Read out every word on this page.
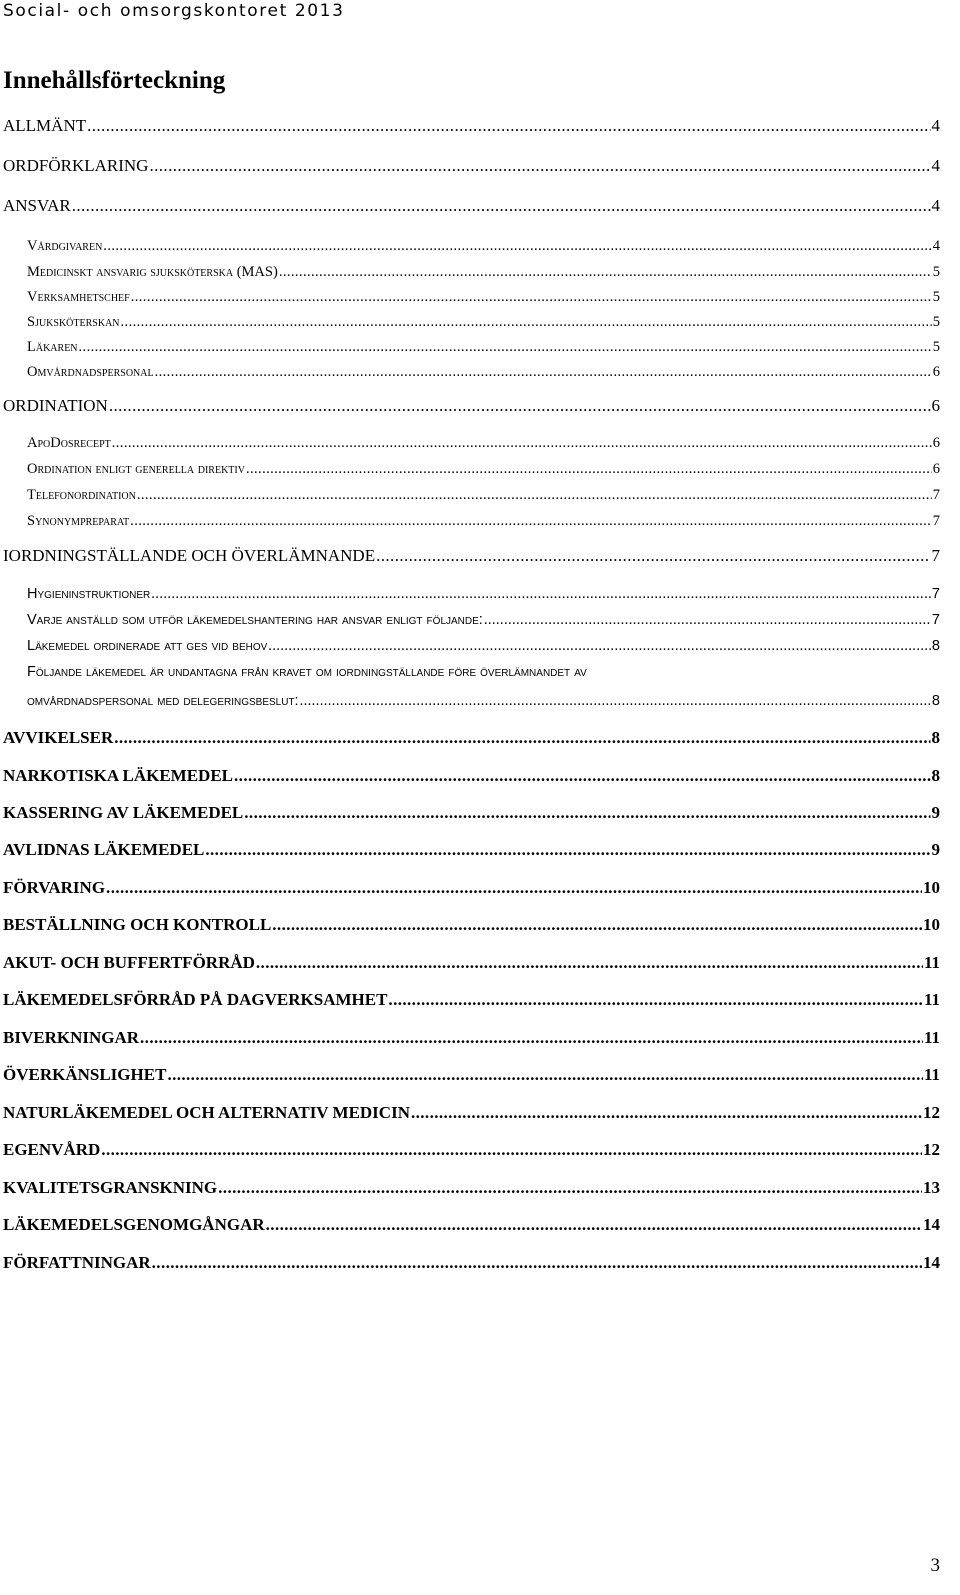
Social- och omsorgskontoret 2013
Innehållsförteckning
ALLMÄNT .....	4
ORDFÖRKLARING .....	4
ANSVAR .....	4
Vårdgivaren .....	4
Medicinskt ansvarig sjuksköterska (MAS) .....	5
Verksamhetschef .....	5
Sjuksköterskan .....	5
Läkaren .....	5
Omvårdnadspersonal .....	6
ORDINATION .....	6
ApoDosrecept .....	6
Ordination enligt generella direktiv .....	6
Telefonordination .....	7
Synonympreparat .....	7
IORDNINGSTÄLLANDE OCH ÖVERLÄMNANDE .....	7
Hygieninstruktioner .....	7
Varje anställd som utför läkemedelshantering har ansvar enligt följande: .....	7
Läkemedel ordinerade att ges vid behov .....	8
Följande läkemedel är undantagna från kravet om iordningställande före överlämnandet av
omvårdnadspersonal med delegeringsbeslut: .....	8
AVVIKELSER .....	8
NARKOTISKA LÄKEMEDEL .....	8
KASSERING AV LÄKEMEDEL .....	9
AVLIDNAS LÄKEMEDEL .....	9
FÖRVARING .....	10
BESTÄLLNING OCH KONTROLL .....	10
AKUT- OCH BUFFERTFÖRRÅD .....	11
LÄKEMEDELSFÖRRÅD PÅ DAGVERKSAMHET .....	11
BIVERKNINGAR .....	11
ÖVERKÄNSLIGHET .....	11
NATURLÄKEMEDEL OCH ALTERNATIV MEDICIN .....	12
EGENVÅRD .....	12
KVALITETSGRANSKNING .....	13
LÄKEMEDELSGENOMGÅNGAR .....	14
FÖRFATTNINGAR .....	14
3
